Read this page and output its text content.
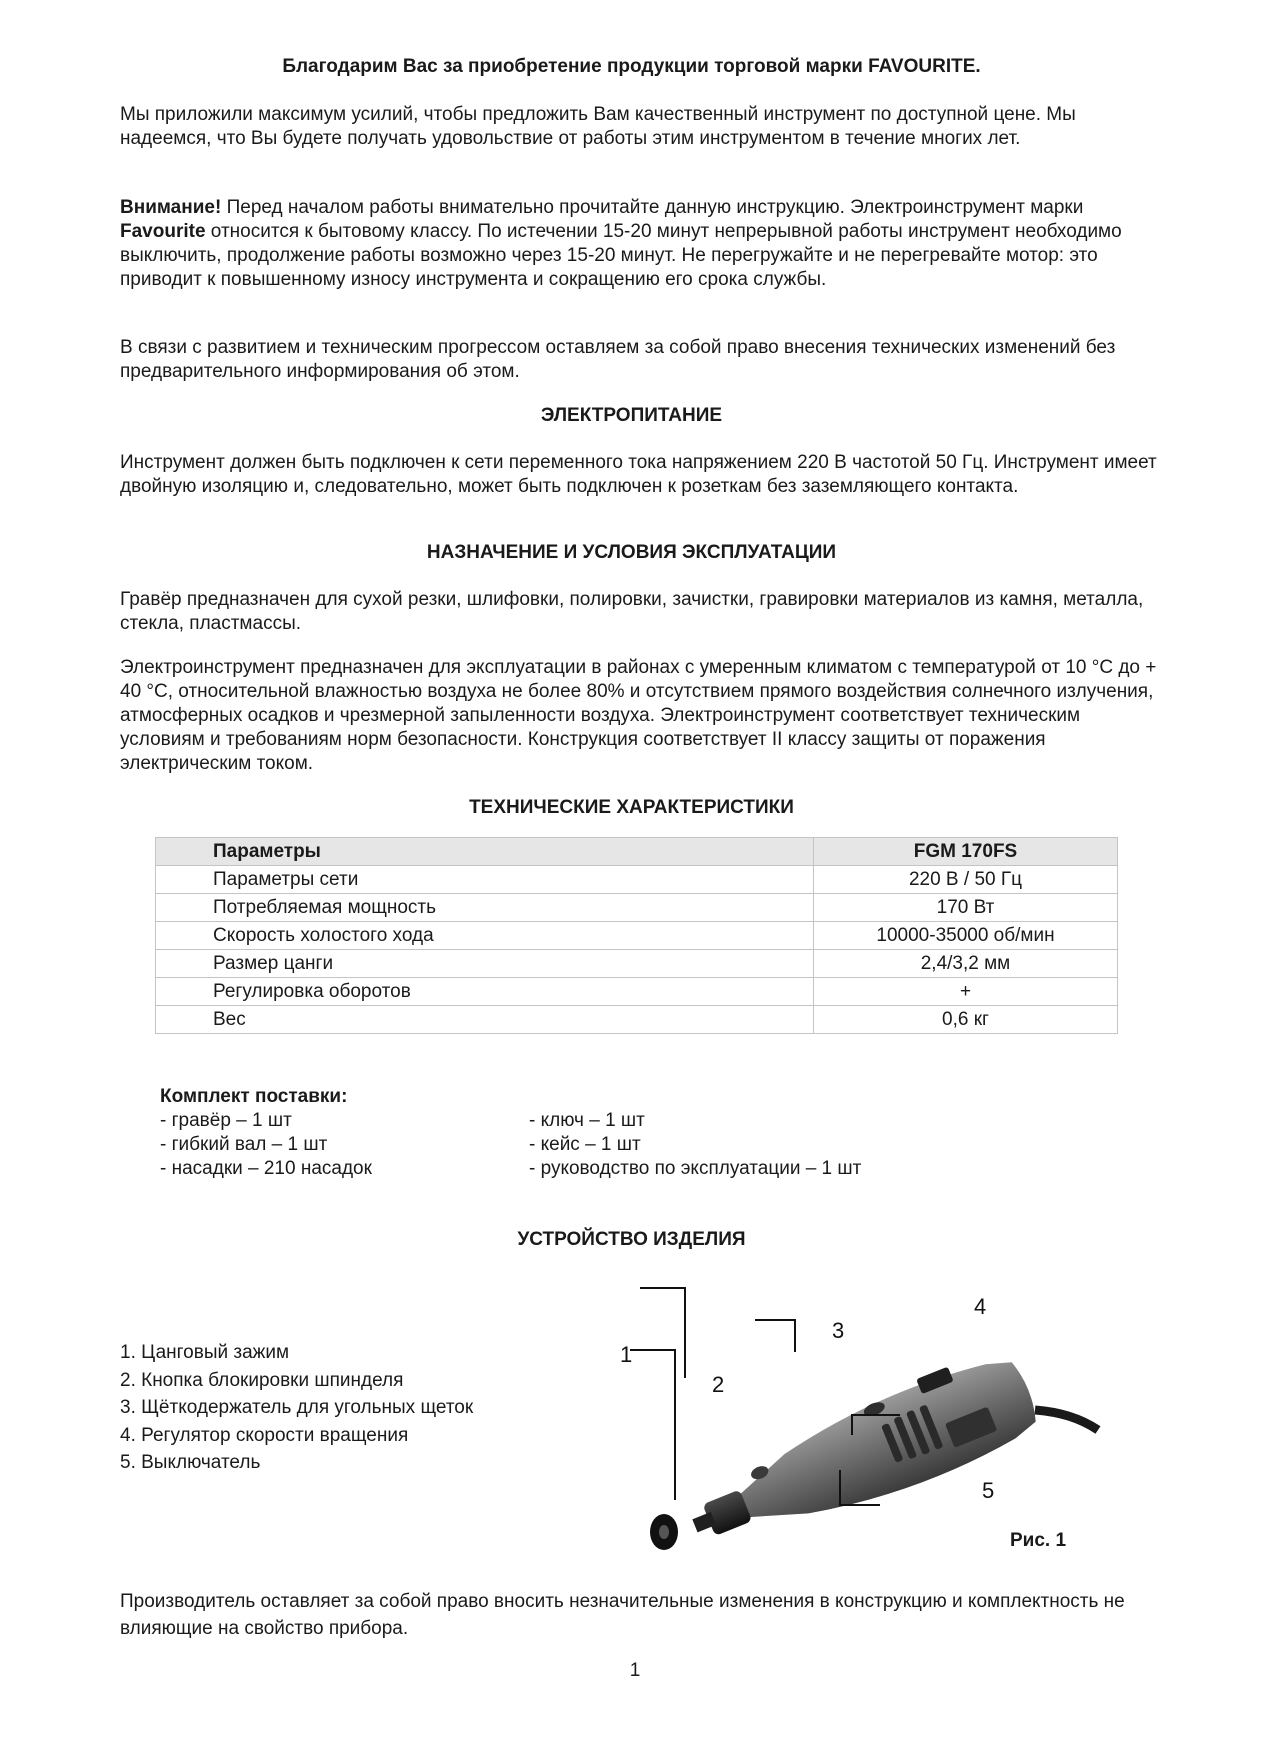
Благодарим Вас за приобретение продукции торговой марки FAVOURITE.

Мы приложили максимум усилий, чтобы предложить Вам качественный инструмент по доступной цене. Мы надеемся, что Вы будете получать удовольствие от работы этим инструментом в течение многих лет.

Внимание! Перед началом работы внимательно прочитайте данную инструкцию. Электроинструмент марки Favourite относится к бытовому классу. По истечении 15-20 минут непрерывной работы инструмент необходимо выключить, продолжение работы возможно через 15-20 минут. Не перегружайте и не перегревайте мотор: это приводит к повышенному износу инструмента и сокращению его срока службы.

В связи с развитием и техническим прогрессом оставляем за собой право внесения технических изменений без предварительного информирования об этом.

ЭЛЕКТРОПИТАНИЕ

Инструмент должен быть подключен к сети переменного тока напряжением 220 В частотой 50 Гц. Инструмент имеет двойную изоляцию и, следовательно, может быть подключен к розеткам без заземляющего контакта.

НАЗНАЧЕНИЕ И УСЛОВИЯ ЭКСПЛУАТАЦИИ

Гравёр предназначен для сухой резки, шлифовки, полировки, зачистки, гравировки материалов из камня, металла, стекла, пластмассы.

Электроинструмент предназначен для эксплуатации в районах с умеренным климатом с температурой от 10 °С до + 40 °С, относительной влажностью воздуха не более 80% и отсутствием прямого воздействия солнечного излучения, атмосферных осадков и чрезмерной запыленности воздуха. Электроинструмент соответствует техническим условиям и требованиям норм безопасности. Конструкция соответствует II классу защиты от поражения электрическим током.

ТЕХНИЧЕСКИЕ ХАРАКТЕРИСТИКИ

Параметры	FGM 170FS
Параметры сети	220 В / 50 Гц
Потребляемая мощность	170 Вт
Скорость холостого хода	10000-35000 об/мин
Размер цанги	2,4/3,2 мм
Регулировка оборотов	+
Вес	0,6 кг
Комплект поставки:
- гравёр – 1 шт
- гибкий вал – 1 шт
- насадки – 210 насадок
- ключ – 1 шт
- кейс – 1 шт
- руководство по эксплуатации – 1 шт

УСТРОЙСТВО ИЗДЕЛИЯ

1. Цанговый зажим
2. Кнопка блокировки шпинделя
3. Щёткодержатель для угольных щеток
4. Регулятор скорости вращения
5. Выключатель
1
2
3
4
5
Рис. 1

Производитель оставляет за собой право вносить незначительные изменения в конструкцию и комплектность не влияющие на свойство прибора.

1
